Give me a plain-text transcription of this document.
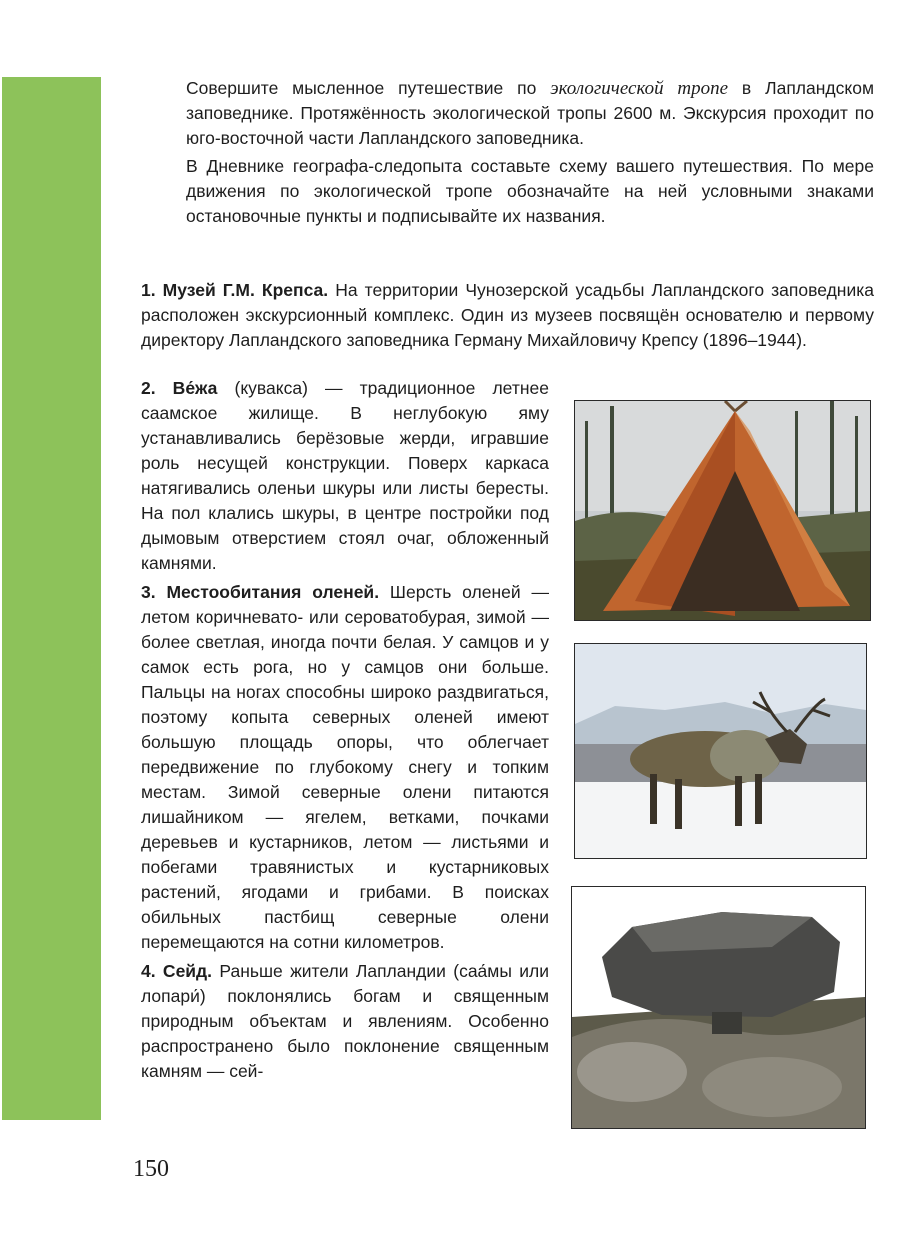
Совершите мысленное путешествие по экологической тропе в Лапландском заповеднике. Протяжённость экологической тропы 2600 м. Экскурсия проходит по юго-восточной части Лапландского заповедника.

В Дневнике географа-следопыта составьте схему вашего путешествия. По мере движения по экологической тропе обозначайте на ней условными знаками остановочные пункты и подписывайте их названия.

1. Музей Г.М. Крепса. На территории Чунозерской усадьбы Лапландского заповедника расположен экскурсионный комплекс. Один из музеев посвящён основателю и первому директору Лапландского заповедника Герману Михайловичу Крепсу (1896–1944).

2. Ве́жа (кувакса) — традиционное летнее саамское жилище. В неглубокую яму устанавливались берёзовые жерди, игравшие роль несущей конструкции. Поверх каркаса натягивались оленьи шкуры или листы бересты. На пол клались шкуры, в центре постройки под дымовым отверстием стоял очаг, обложенный камнями.

3. Местообитания оленей. Шерсть оленей — летом коричневато- или сероватобурая, зимой — более светлая, иногда почти белая. У самцов и у самок есть рога, но у самцов они больше. Пальцы на ногах способны широко раздвигаться, поэтому копыта северных оленей имеют большую площадь опоры, что облегчает передвижение по глубокому снегу и топким местам. Зимой северные олени питаются лишайником — ягелем, ветками, почками деревьев и кустарников, летом — листьями и побегами травянистых и кустарниковых растений, ягодами и грибами. В поисках обильных пастбищ северные олени перемещаются на сотни километров.

4. Сейд. Раньше жители Лапландии (саа́мы или лопари́) поклонялись богам и священным природным объектам и явлениям. Особенно распространено было поклонение священным камням — сей-

150
